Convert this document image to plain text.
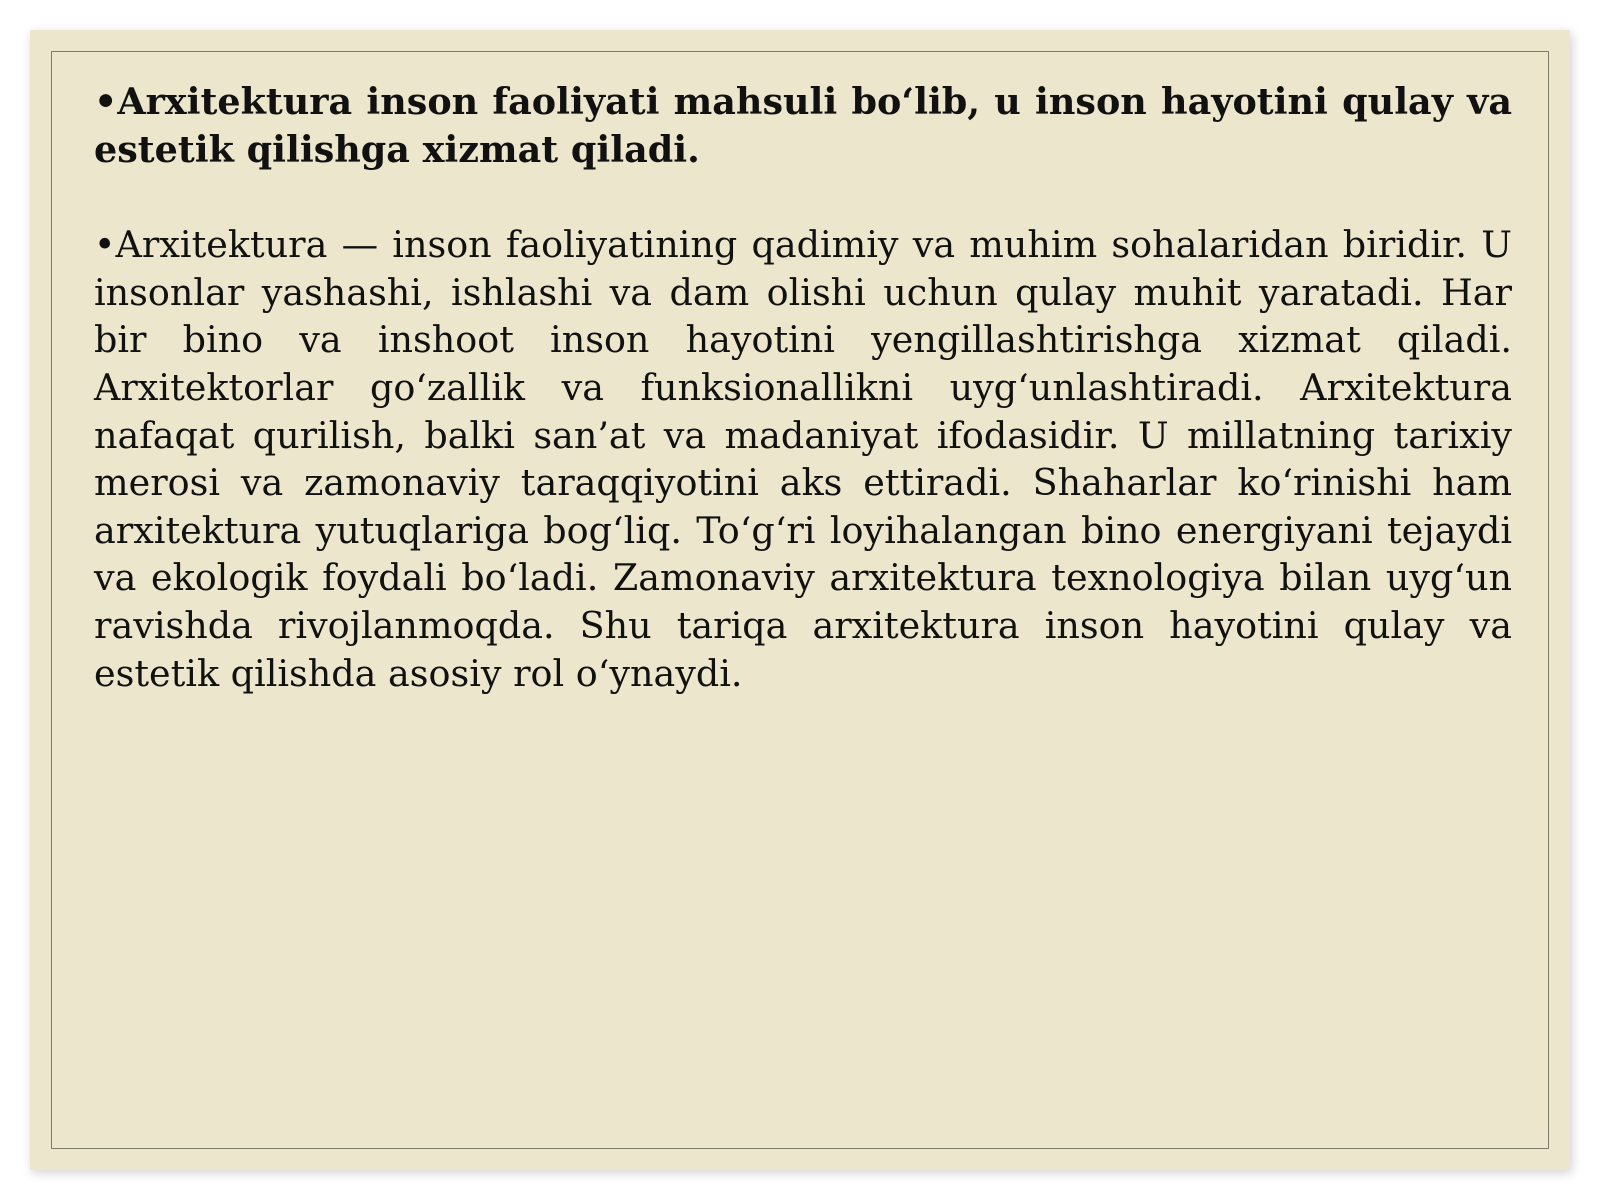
•Arxitektura inson faoliyati mahsuli bo‘lib, u inson hayotini qulay va estetik qilishga xizmat qiladi.

•Arxitektura — inson faoliyatining qadimiy va muhim sohalaridan biridir. U insonlar yashashi, ishlashi va dam olishi uchun qulay muhit yaratadi. Har bir bino va inshoot inson hayotini yengillashtirishga xizmat qiladi. Arxitektorlar go‘zallik va funksionallikni uyg‘unlashtiradi. Arxitektura nafaqat qurilish, balki san’at va madaniyat ifodasidir. U millatning tarixiy merosi va zamonaviy taraqqiyotini aks ettiradi. Shaharlar ko‘rinishi ham arxitektura yutuqlariga bog‘liq. To‘g‘ri loyihalangan bino energiyani tejaydi va ekologik foydali bo‘ladi. Zamonaviy arxitektura texnologiya bilan uyg‘un ravishda rivojlanmoqda. Shu tariqa arxitektura inson hayotini qulay va estetik qilishda asosiy rol o‘ynaydi.
